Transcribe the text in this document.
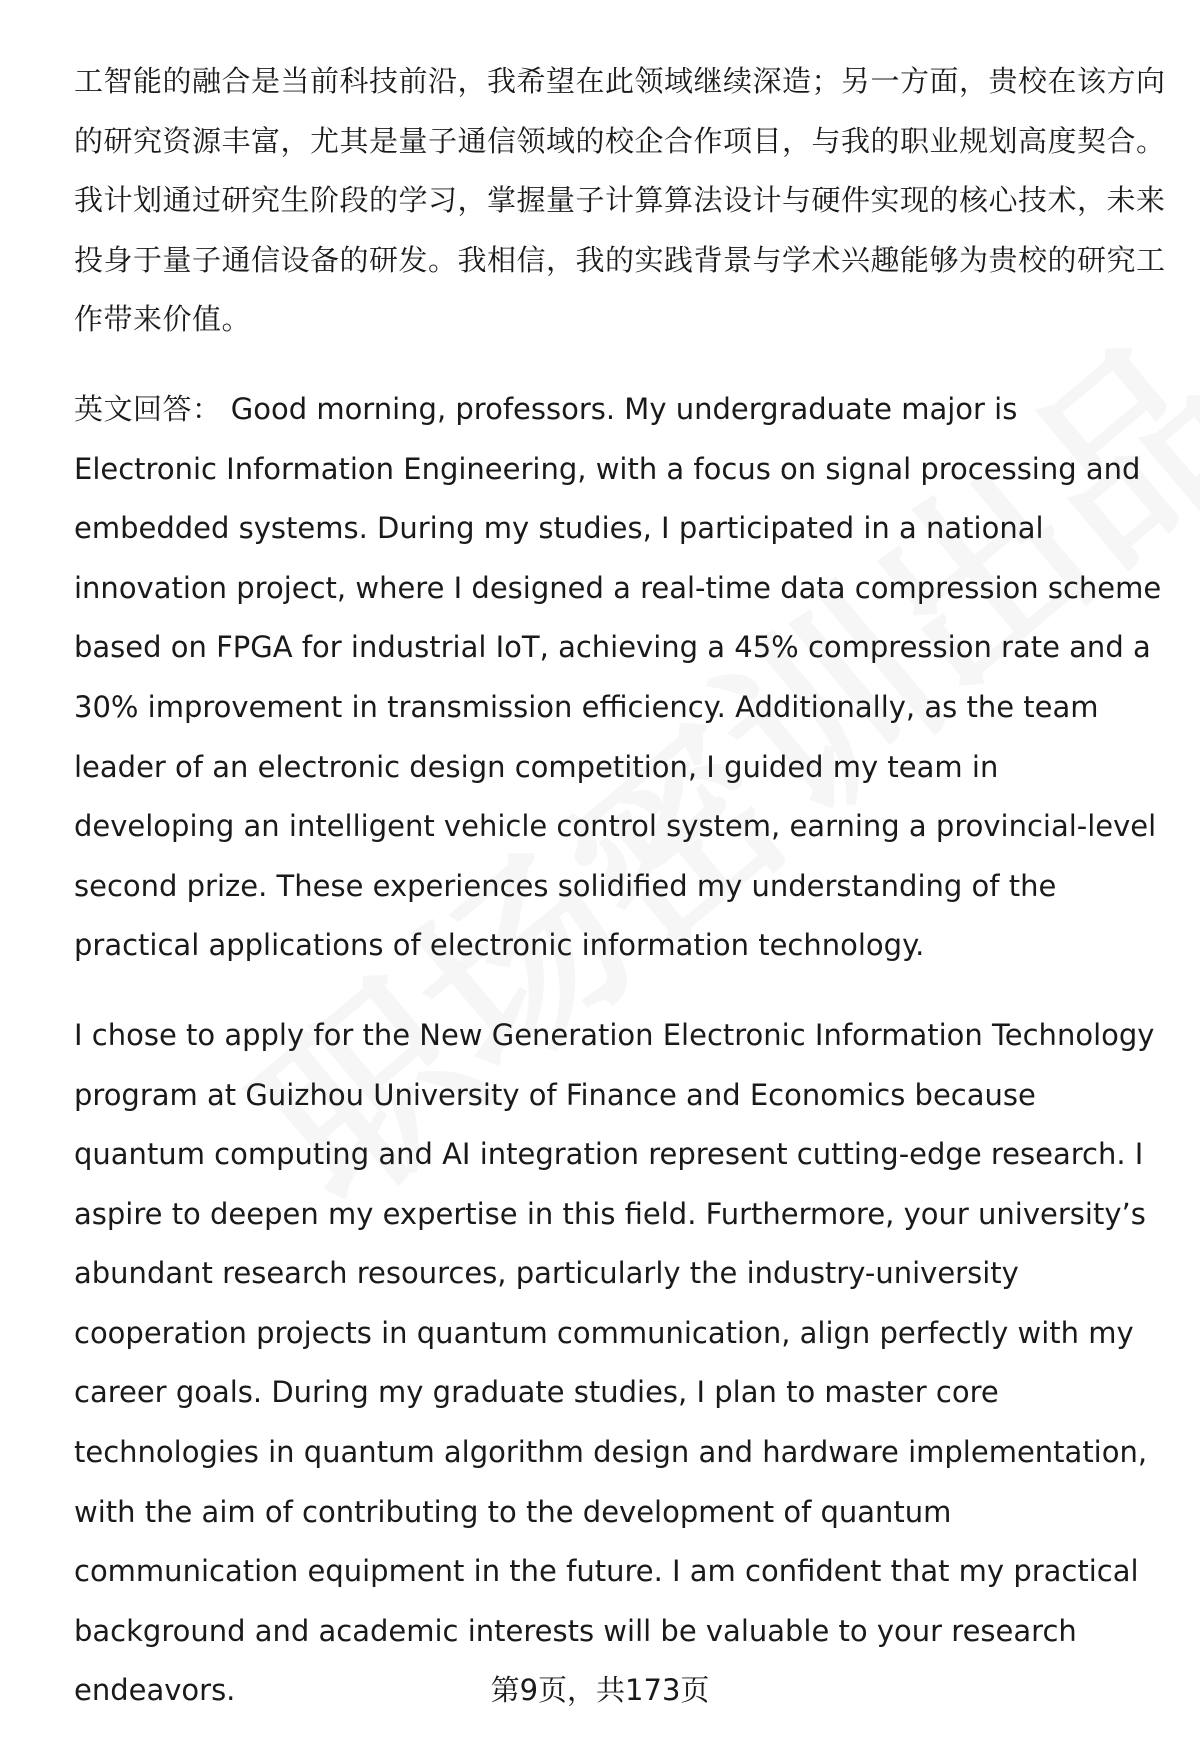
工智能的融合是当前科技前沿，我希望在此领域继续深造；另一方面，贵校在该方向的研究资源丰富，尤其是量子通信领域的校企合作项目，与我的职业规划高度契合。我计划通过研究生阶段的学习，掌握量子计算算法设计与硬件实现的核心技术，未来投身于量子通信设备的研发。我相信，我的实践背景与学术兴趣能够为贵校的研究工作带来价值。

英文回答： Good morning, professors. My undergraduate major is Electronic Information Engineering, with a focus on signal processing and embedded systems. During my studies, I participated in a national innovation project, where I designed a real-time data compression scheme based on FPGA for industrial IoT, achieving a 45% compression rate and a 30% improvement in transmission efficiency. Additionally, as the team leader of an electronic design competition, I guided my team in developing an intelligent vehicle control system, earning a provincial-level second prize. These experiences solidified my understanding of the practical applications of electronic information technology.

I chose to apply for the New Generation Electronic Information Technology program at Guizhou University of Finance and Economics because quantum computing and AI integration represent cutting-edge research. I aspire to deepen my expertise in this field. Furthermore, your university’s abundant research resources, particularly the industry-university cooperation projects in quantum communication, align perfectly with my career goals. During my graduate studies, I plan to master core technologies in quantum algorithm design and hardware implementation, with the aim of contributing to the development of quantum communication equipment in the future. I am confident that my practical background and academic interests will be valuable to your research endeavors.	第9页，共173页
